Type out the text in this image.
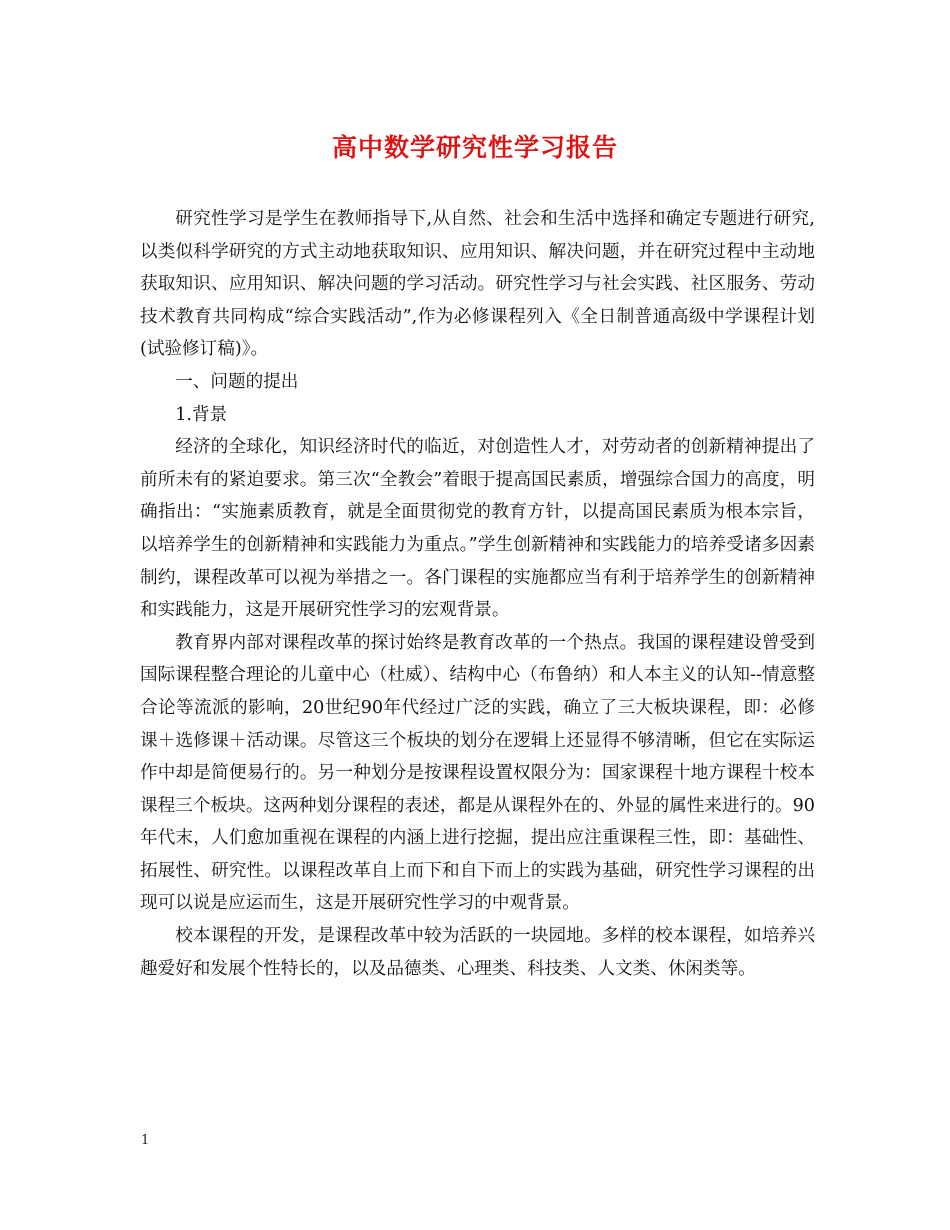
高中数学研究性学习报告

研究性学习是学生在教师指导下,从自然、社会和生活中选择和确定专题进行研究, 以类似科学研究的方式主动地获取知识、应用知识、解决问题，并在研究过程中主动地获取知识、应用知识、解决问题的学习活动。研究性学习与社会实践、社区服务、劳动技术教育共同构成“综合实践活动”,作为必修课程列入《全日制普通高级中学课程计划(试验修订稿)》。

一、问题的提出

1.背景

经济的全球化，知识经济时代的临近，对创造性人才，对劳动者的创新精神提出了前所未有的紧迫要求。第三次“全教会”着眼于提高国民素质，增强综合国力的高度，明确指出：“实施素质教育，就是全面贯彻党的教育方针，以提高国民素质为根本宗旨，以培养学生的创新精神和实践能力为重点。”学生创新精神和实践能力的培养受诸多因素制约，课程改革可以视为举措之一。各门课程的实施都应当有利于培养学生的创新精神和实践能力，这是开展研究性学习的宏观背景。

教育界内部对课程改革的探讨始终是教育改革的一个热点。我国的课程建设曾受到国际课程整合理论的儿童中心（杜威）、结构中心（布鲁纳）和人本主义的认知--情意整合论等流派的影响，20世纪90年代经过广泛的实践，确立了三大板块课程，即：必修课＋选修课＋活动课。尽管这三个板块的划分在逻辑上还显得不够清晰，但它在实际运作中却是简便易行的。另一种划分是按课程设置权限分为：国家课程十地方课程十校本课程三个板块。这两种划分课程的表述，都是从课程外在的、外显的属性来进行的。90年代末，人们愈加重视在课程的内涵上进行挖掘，提出应注重课程三性，即：基础性、拓展性、研究性。以课程改革自上而下和自下而上的实践为基础，研究性学习课程的出现可以说是应运而生，这是开展研究性学习的中观背景。

校本课程的开发，是课程改革中较为活跃的一块园地。多样的校本课程，如培养兴趣爱好和发展个性特长的，以及品德类、心理类、科技类、人文类、休闲类等。

1
